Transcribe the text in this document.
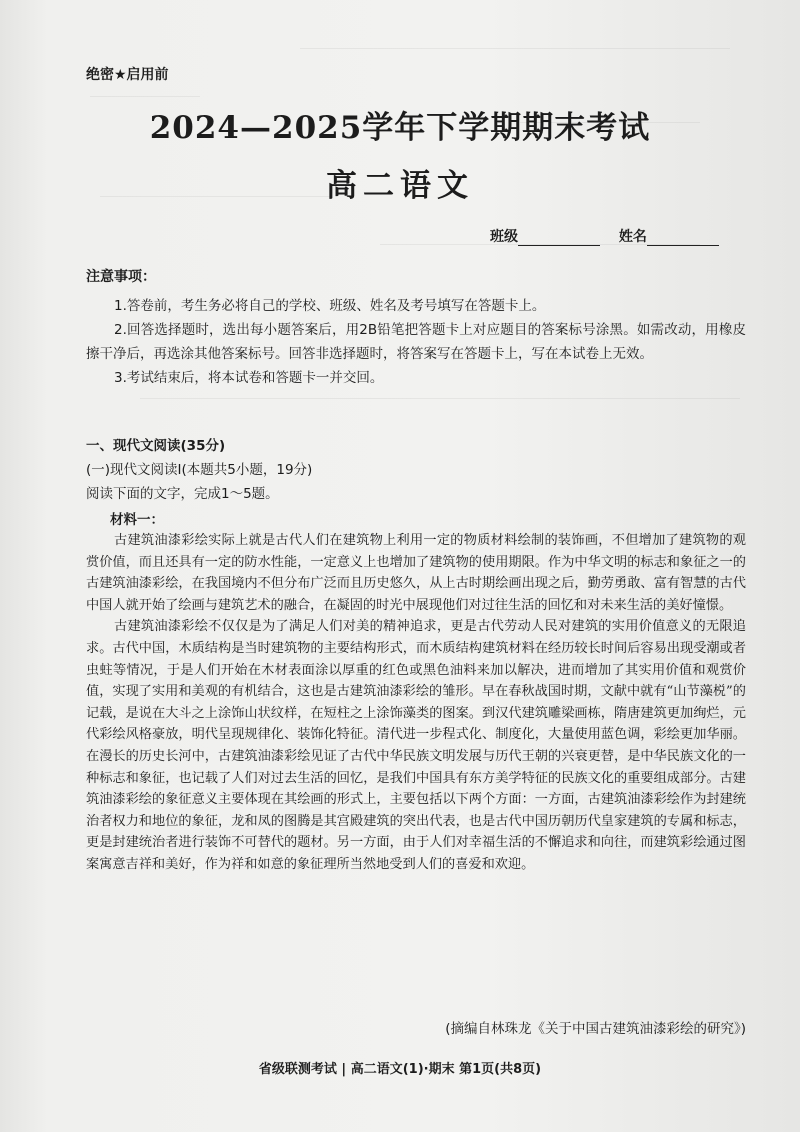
绝密★启用前
2024—2025学年下学期期末考试
高二语文
班级	姓名
注意事项：

1.答卷前，考生务必将自己的学校、班级、姓名及考号填写在答题卡上。

2.回答选择题时，选出每小题答案后，用2B铅笔把答题卡上对应题目的答案标号涂黑。如需改动，用橡皮擦干净后，再选涂其他答案标号。回答非选择题时，将答案写在答题卡上，写在本试卷上无效。

3.考试结束后，将本试卷和答题卡一并交回。

一、现代文阅读(35分)
(一)现代文阅读Ⅰ(本题共5小题，19分)
阅读下面的文字，完成1～5题。
材料一：

古建筑油漆彩绘实际上就是古代人们在建筑物上利用一定的物质材料绘制的装饰画，不但增加了建筑物的观赏价值，而且还具有一定的防水性能，一定意义上也增加了建筑物的使用期限。作为中华文明的标志和象征之一的古建筑油漆彩绘，在我国境内不但分布广泛而且历史悠久，从上古时期绘画出现之后，勤劳勇敢、富有智慧的古代中国人就开始了绘画与建筑艺术的融合，在凝固的时光中展现他们对过往生活的回忆和对未来生活的美好憧憬。

古建筑油漆彩绘不仅仅是为了满足人们对美的精神追求，更是古代劳动人民对建筑的实用价值意义的无限追求。古代中国，木质结构是当时建筑物的主要结构形式，而木质结构建筑材料在经历较长时间后容易出现受潮或者虫蛀等情况，于是人们开始在木材表面涂以厚重的红色或黑色油料来加以解决，进而增加了其实用价值和观赏价值，实现了实用和美观的有机结合，这也是古建筑油漆彩绘的雏形。早在春秋战国时期，文献中就有“山节藻棁”的记载，是说在大斗之上涂饰山状纹样，在短柱之上涂饰藻类的图案。到汉代建筑雕梁画栋，隋唐建筑更加绚烂，元代彩绘风格豪放，明代呈现规律化、装饰化特征。清代进一步程式化、制度化，大量使用蓝色调，彩绘更加华丽。在漫长的历史长河中，古建筑油漆彩绘见证了古代中华民族文明发展与历代王朝的兴衰更替，是中华民族文化的一种标志和象征，也记载了人们对过去生活的回忆，是我们中国具有东方美学特征的民族文化的重要组成部分。古建筑油漆彩绘的象征意义主要体现在其绘画的形式上，主要包括以下两个方面：一方面，古建筑油漆彩绘作为封建统治者权力和地位的象征，龙和凤的图腾是其宫殿建筑的突出代表，也是古代中国历朝历代皇家建筑的专属和标志，更是封建统治者进行装饰不可替代的题材。另一方面，由于人们对幸福生活的不懈追求和向往，而建筑彩绘通过图案寓意吉祥和美好，作为祥和如意的象征理所当然地受到人们的喜爱和欢迎。

(摘编自林珠龙《关于中国古建筑油漆彩绘的研究》)
省级联测考试 | 高二语文(1)·期末 第1页(共8页)
